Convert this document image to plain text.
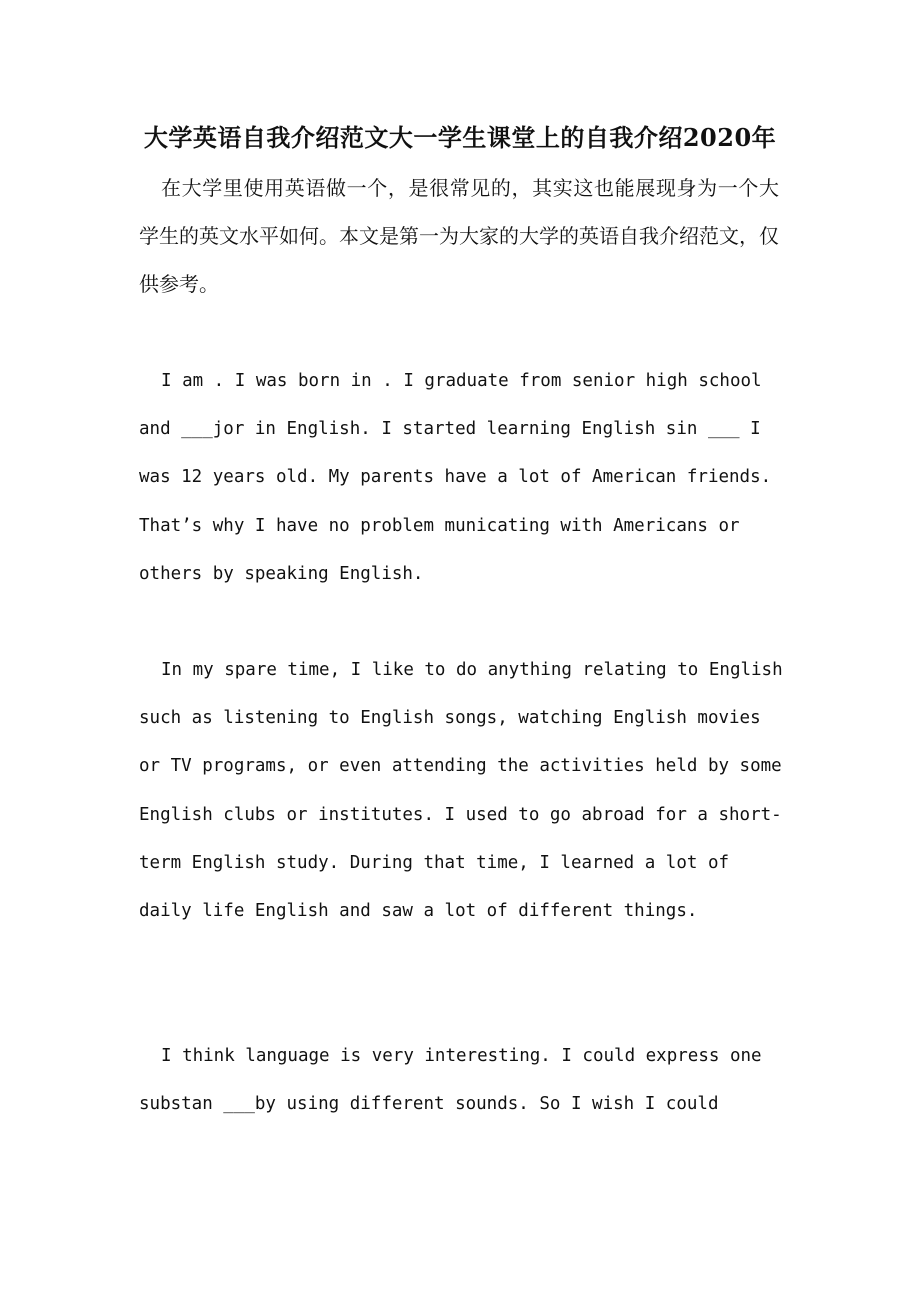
大学英语自我介绍范文大一学生课堂上的自我介绍2020年

在大学里使用英语做一个，是很常见的，其实这也能展现身为一个大学生的英文水平如何。本文是第一为大家的大学的英语自我介绍范文，仅供参考。

I am . I was born in . I graduate from senior high school and ___jor in English. I started learning English sin ___ I was 12 years old. My parents have a lot of American friends. That’s why I have no problem municating with Americans or others by speaking English.

In my spare time, I like to do anything relating to English such as listening to English songs, watching English movies or TV programs, or even attending the activities held by some English clubs or institutes. I used to go abroad for a short- term English study. During that time, I learned a lot of daily life English and saw a lot of different things.

I think language is very interesting. I could express one substan ___by using different sounds. So I wish I could
